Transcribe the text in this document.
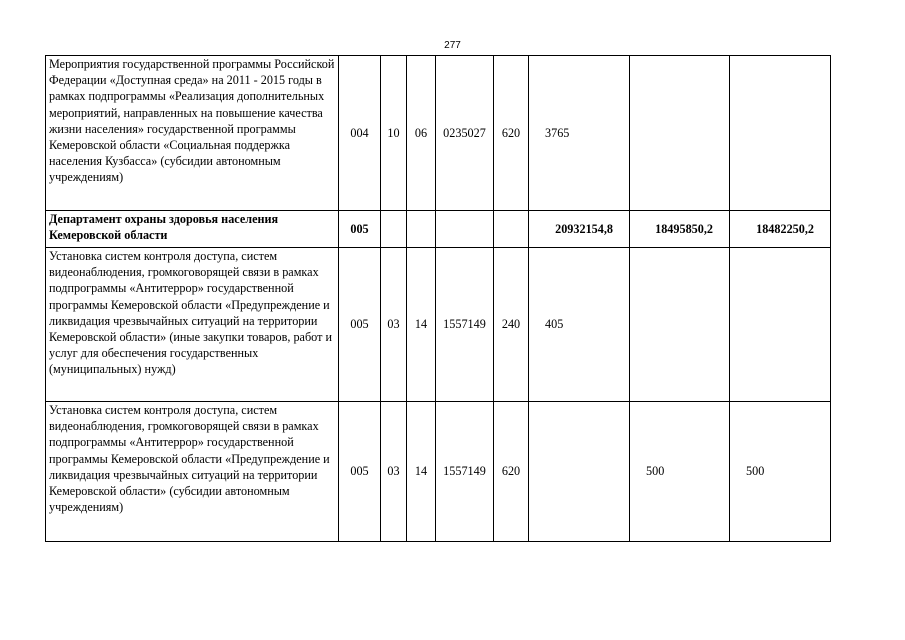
277
Мероприятия государственной программы Российской Федерации «Доступная среда» на 2011 - 2015 годы в рамках подпрограммы «Реализация дополнительных мероприятий, направленных на повышение качества жизни населения» государственной программы Кемеровской области «Социальная поддержка населения Кузбасса» (субсидии автономным учреждениям)	004	10	06	0235027	620	3765		
Департамент охраны здоровья населения Кемеровской области	005					20932154,8	18495850,2	18482250,2
Установка систем контроля доступа, систем видеонаблюдения, громкоговорящей связи в рамках подпрограммы «Антитеррор» государственной программы Кемеровской области «Предупреждение и ликвидация чрезвычайных ситуаций на территории Кемеровской области» (иные закупки товаров, работ и услуг для обеспечения государственных (муниципальных) нужд)	005	03	14	1557149	240	405		
Установка систем контроля доступа, систем видеонаблюдения, громкоговорящей связи в рамках подпрограммы «Антитеррор» государственной программы Кемеровской области «Предупреждение и ликвидация чрезвычайных ситуаций на территории Кемеровской области» (субсидии автономным учреждениям)	005	03	14	1557149	620		500	500
